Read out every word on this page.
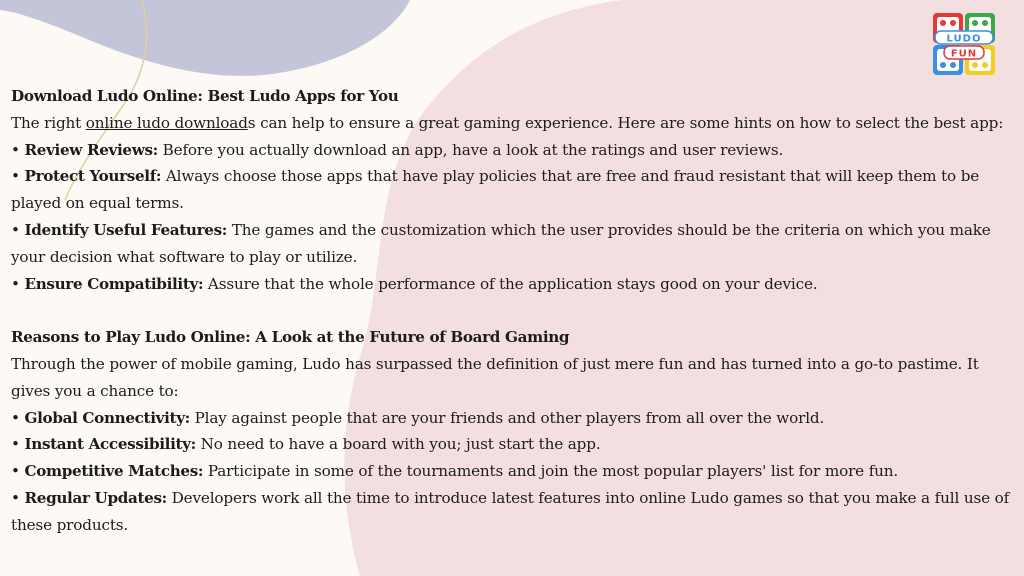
LUDO
FUN

Download Ludo Online: Best Ludo Apps for You

The right online ludo downloads can help to ensure a great gaming experience. Here are some hints on how to select the best app:

• Review Reviews: Before you actually download an app, have a look at the ratings and user reviews.

• Protect Yourself: Always choose those apps that have play policies that are free and fraud resistant that will keep them to be played on equal terms.

• Identify Useful Features: The games and the customization which the user provides should be the criteria on which you make your decision what software to play or utilize.

• Ensure Compatibility: Assure that the whole performance of the application stays good on your device.

Reasons to Play Ludo Online: A Look at the Future of Board Gaming

Through the power of mobile gaming, Ludo has surpassed the definition of just mere fun and has turned into a go-to pastime. It gives you a chance to:

• Global Connectivity: Play against people that are your friends and other players from all over the world.

• Instant Accessibility: No need to have a board with you; just start the app.

• Competitive Matches: Participate in some of the tournaments and join the most popular players' list for more fun.

• Regular Updates: Developers work all the time to introduce latest features into online Ludo games so that you make a full use of these products.
